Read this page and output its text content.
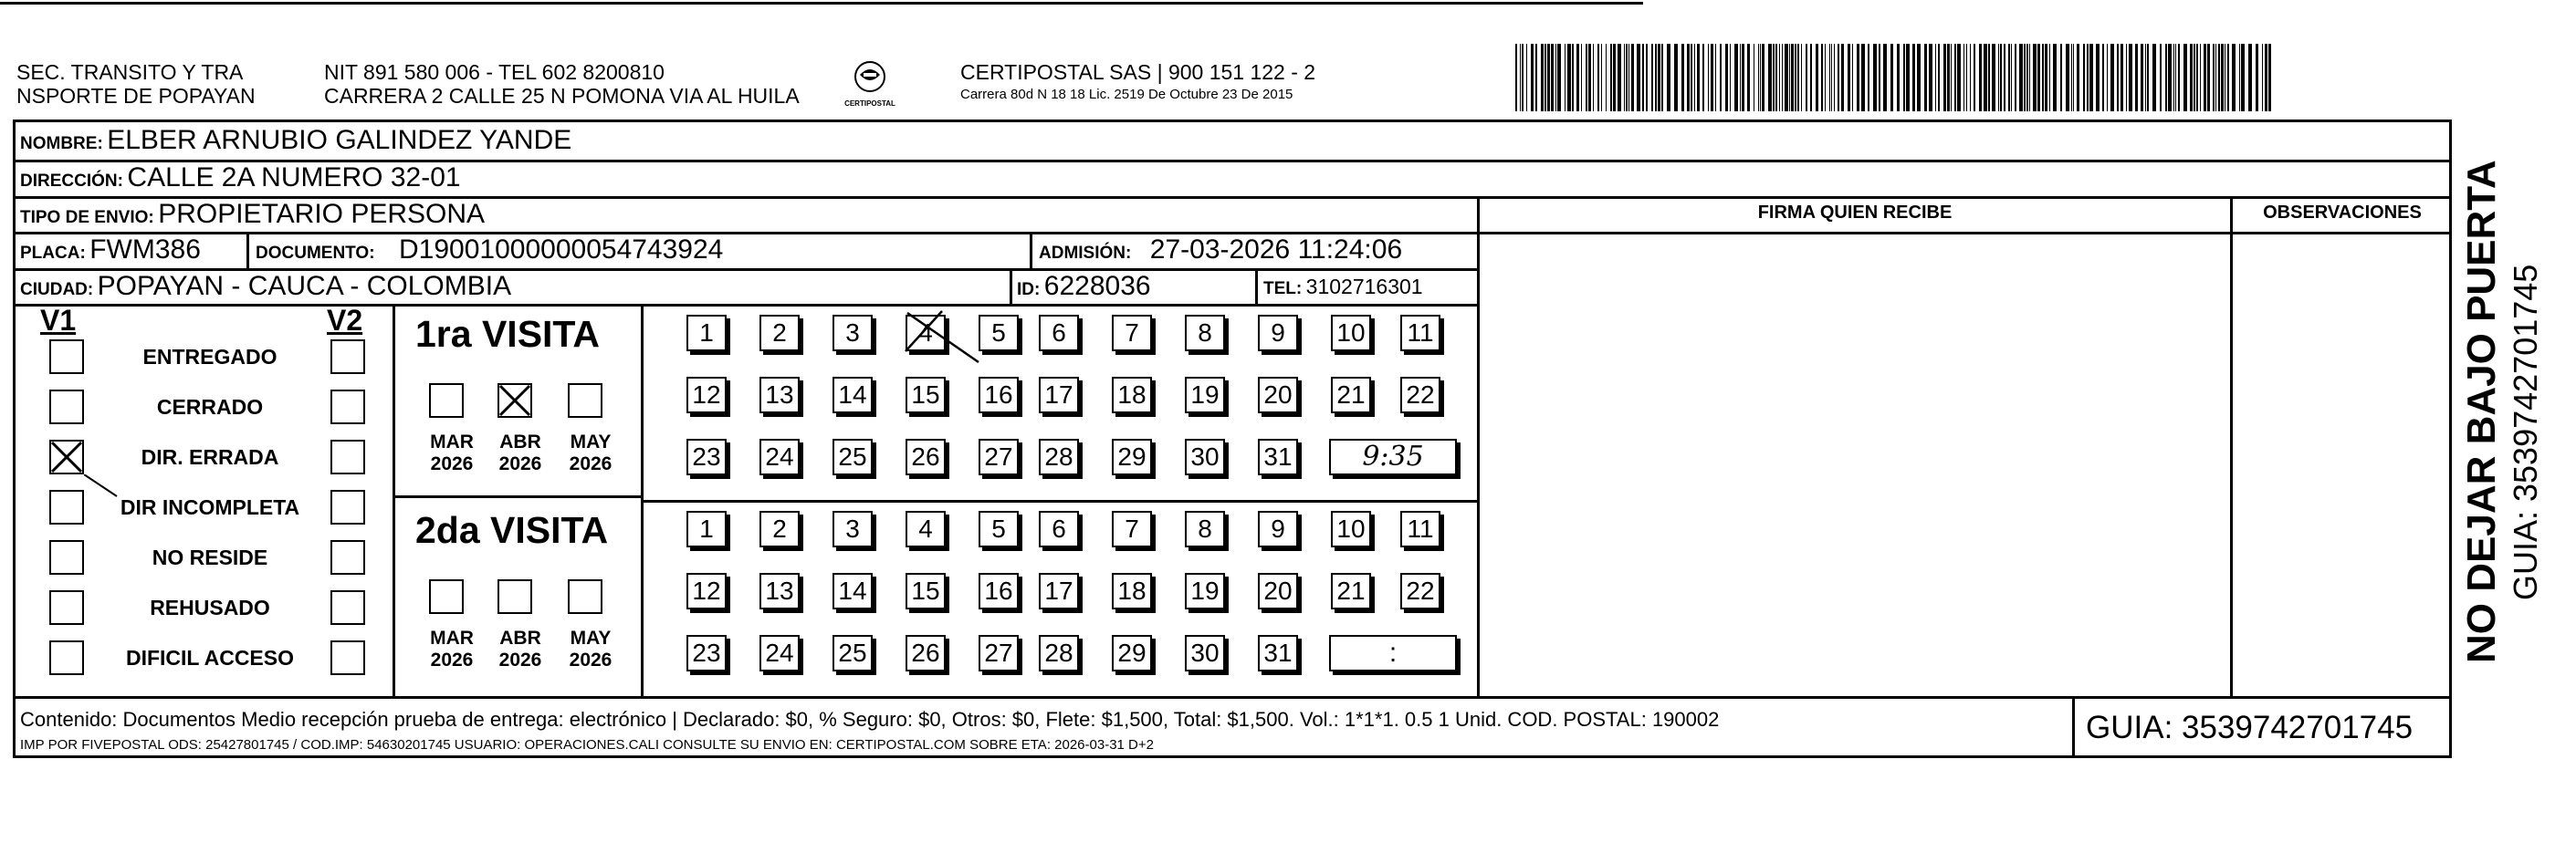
SEC. TRANSITO Y TRA
NSPORTE DE POPAYAN
NIT 891 580 006 - TEL 602 8200810
CARRERA 2 CALLE 25 N POMONA VIA AL HUILA	CERTIPOSTAL
CERTIPOSTAL SAS | 900 151 122 - 2
Carrera 80d N 18 18 Lic. 2519 De Octubre 23 De 2015
NOMBRE: ELBER ARNUBIO GALINDEZ YANDE
DIRECCIÓN: CALLE 2A NUMERO 32-01
TIPO DE ENVIO: PROPIETARIO PERSONA
PLACA: FWM386	DOCUMENTO: D19001000000054743924	ADMISIÓN: 27-03-2026 11:24:06
CIUDAD: POPAYAN - CAUCA - COLOMBIA	ID: 6228036	TEL: 3102716301
FIRMA QUIEN RECIBE	OBSERVACIONES
V1	V2
ENTREGADO
CERRADO
DIR. ERRADA
DIR INCOMPLETA
NO RESIDE
REHUSADO
DIFICIL ACCESO
1ra VISITA
MAR
2026
ABR
2026
MAY
2026
1	2	3	4	5	6	7	8	9	10 11
12 13 14 15 16 17 18 19 20 21 22
23 24 25 26 27 28 29 30 31	9:35
2da VISITA
MAR
2026
ABR
2026
MAY
2026
1	2	3	4	5	6	7	8	9	10 11
12 13 14 15 16 17 18 19 20 21 22
23 24 25 26 27 28 29 30 31	:
Contenido: Documentos Medio recepción prueba de entrega: electrónico | Declarado: $0, % Seguro: $0, Otros: $0, Flete: $1,500, Total: $1,500. Vol.: 1*1*1. 0.5 1 Unid. COD. POSTAL: 190002
IMP POR FIVEPOSTAL ODS: 25427801745 / COD.IMP: 54630201745 USUARIO: OPERACIONES.CALI CONSULTE SU ENVIO EN: CERTIPOSTAL.COM SOBRE ETA: 2026-03-31 D+2	GUIA: 3539742701745
NO DEJAR BAJO PUERTA GUIA: 3539742701745
